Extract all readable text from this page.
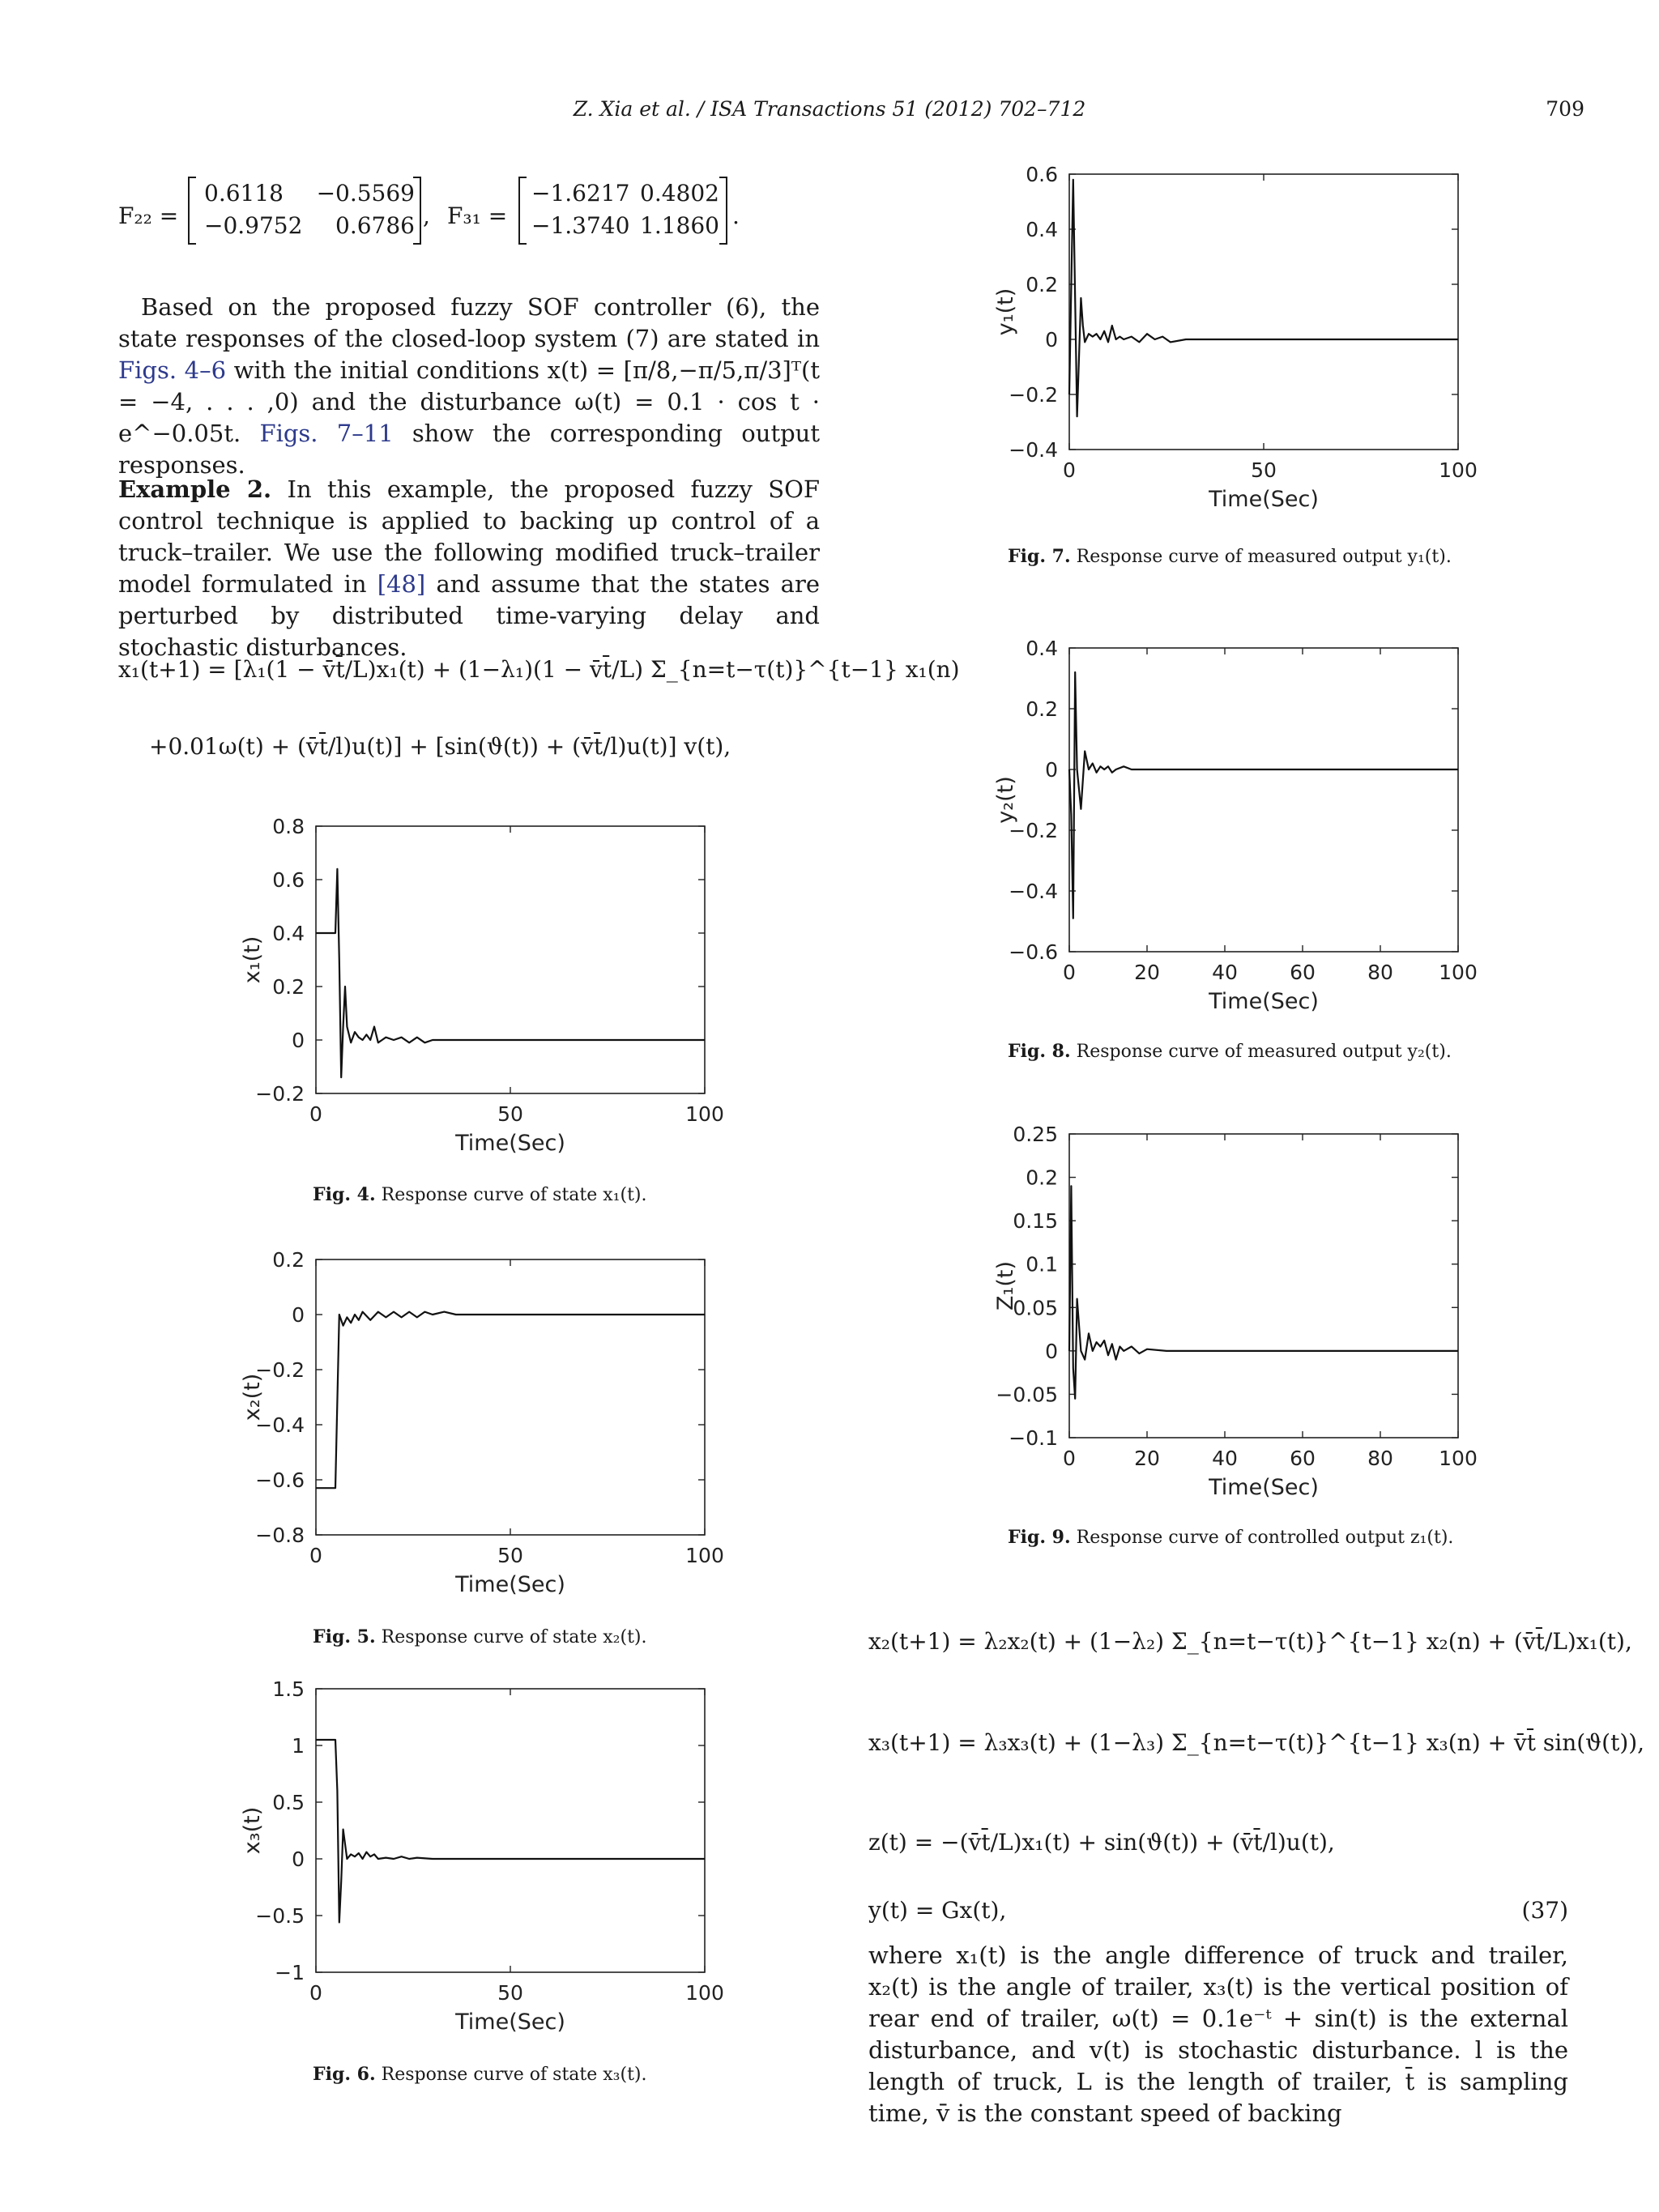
Z. Xia et al. / ISA Transactions 51 (2012) 702–712	709
F₂₂ =
0.6118 −0.5569
−0.9752 0.6786 , F₃₁ =
−1.6217 0.4802
−1.3740 1.1860 .
Based on the proposed fuzzy SOF controller (6), the state responses of the closed-loop system (7) are stated in Figs. 4–6 with the initial conditions x(t) = [π/8,−π/5,π/3]ᵀ(t = −4, . . . ,0) and the disturbance ω(t) = 0.1 · cos t · e^−0.05t. Figs. 7–11 show the corresponding output responses.
Example 2. In this example, the proposed fuzzy SOF control technique is applied to backing up control of a truck–trailer. We use the following modified truck–trailer model formulated in [48] and assume that the states are perturbed by distributed time-varying delay and stochastic disturbances.
x₁(t+1) = [λ₁(1 − v̄t̄/L)x₁(t) + (1−λ₁)(1 − v̄t̄/L) Σ_{n=t−τ(t)}^{t−1} x₁(n)
+0.01ω(t) + (v̄t̄/l)u(t)] + [sin(ϑ(t)) + (v̄t̄/l)u(t)] v(t),
−0.2
0
0.2
0.4
0.6
0.8
0	50	100
Time(Sec)
x₁(t)
Fig. 4. Response curve of state x₁(t).
−0.8
−0.6
−0.4
−0.2
0
0.2
0	50	100
Time(Sec)
x₂(t)
Fig. 5. Response curve of state x₂(t).
−1
−0.5
0
0.5
1
1.5
0	50	100
Time(Sec)
x₃(t)
Fig. 6. Response curve of state x₃(t).
−0.4
−0.2
0
0.2
0.4
0.6
0	50	100
Time(Sec)
y₁(t)
Fig. 7. Response curve of measured output y₁(t).
−0.6
−0.4
−0.2
0
0.2
0.4
0	20	40	60	80 100
Time(Sec)
y₂(t)
Fig. 8. Response curve of measured output y₂(t).
−0.1
−0.05
0
0.05
0.1
0.15
0.2
0.25
0	20	40	60	80 100
Time(Sec)
Z₁(t)
Fig. 9. Response curve of controlled output z₁(t).
x₂(t+1) = λ₂x₂(t) + (1−λ₂) Σ_{n=t−τ(t)}^{t−1} x₂(n) + (v̄t̄/L)x₁(t),
x₃(t+1) = λ₃x₃(t) + (1−λ₃) Σ_{n=t−τ(t)}^{t−1} x₃(n) + v̄t̄ sin(ϑ(t)),
z(t) = −(v̄t̄/L)x₁(t) + sin(ϑ(t)) + (v̄t̄/l)u(t),
y(t) = Gx(t),	(37)
where x₁(t) is the angle difference of truck and trailer, x₂(t) is the angle of trailer, x₃(t) is the vertical position of rear end of trailer, ω(t) = 0.1e⁻ᵗ + sin(t) is the external disturbance, and v(t) is stochastic disturbance. l is the length of truck, L is the length of trailer, t̄ is sampling time, v̄ is the constant speed of backing
